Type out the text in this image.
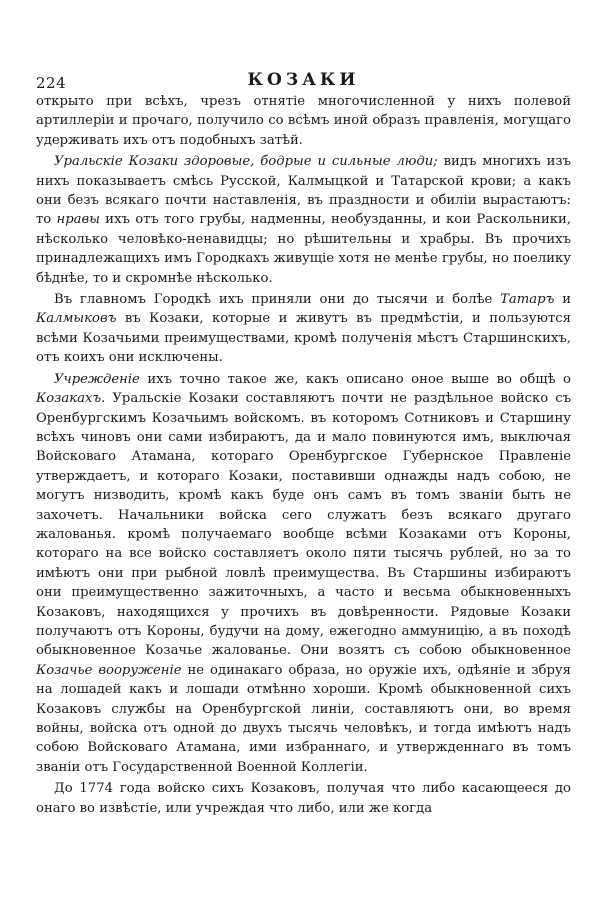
224	КОЗАКИ

открыто при всѣхъ, чрезъ отнятіе многочисленной у нихъ полевой артиллеріи и прочаго, получило со всѣмъ иной образъ правленія, могущаго удерживать ихъ отъ подобныхъ затѣй.

Уральскіе Козаки здоровые, бодрые и сильные люди; видъ многихъ изъ нихъ показываетъ смѣсь Русской, Калмыцкой и Татарской крови; а какъ они безъ всякаго почти наставленія, въ праздности и обиліи вырастаютъ: то нравы ихъ отъ того грубы, надменны, необузданны, и кои Раскольники, нѣсколько человѣко-ненавидцы; но рѣшительны и храбры. Въ прочихъ принадлежащихъ имъ Городкахъ живущіе хотя не менѣе грубы, но поелику бѣднѣе, то и скромнѣе нѣсколько.

Въ главномъ Городкѣ ихъ приняли они до тысячи и болѣе Татаръ и Калмыковъ въ Козаки, которые и живутъ въ предмѣстіи, и пользуются всѣми Козачьими преимуществами, кромѣ полученія мѣстъ Старшинскихъ, отъ коихъ они исключены.

Учрежденіе ихъ точно такое же, какъ описано оное выше во общѣ о Козакахъ. Уральскіе Козаки составляютъ почти не раздѣльное войско съ Оренбургскимъ Козачьимъ войскомъ. въ которомъ Сотниковъ и Старшину всѣхъ чиновъ они сами избираютъ, да и мало повинуются имъ, выключая Войсковаго Атамана, котораго Оренбургское Губернское Правленіе утверждаетъ, и котораго Козаки, поставивши однажды надъ собою, не могутъ низводить, кромѣ какъ буде онъ самъ въ томъ званіи быть не захочетъ. Начальники войска сего служатъ безъ всякаго другаго жалованья. кромѣ получаемаго вообще всѣми Козаками отъ Короны, котораго на все войско составляетъ около пяти тысячь рублей, но за то имѣютъ они при рыбной ловлѣ преимущества. Въ Старшины избираютъ они преимущественно зажиточныхъ, а часто и весьма обыкновенныхъ Козаковъ, находящихся у прочихъ въ довѣренности. Рядовые Козаки получаютъ отъ Короны, будучи на дому, ежегодно аммуницію, а въ походѣ обыкновенное Козачье жалованье. Они возятъ съ собою обыкновенное Козачье вооруженіе не одинакаго образа, но оружіе ихъ, одѣяніе и збруя на лошадей какъ и лошади отмѣнно хороши. Кромѣ обыкновенной сихъ Козаковъ службы на Оренбургской линіи, составляютъ они, во время войны, войска отъ одной до двухъ тысячь человѣкъ, и тогда имѣютъ надъ собою Войсковаго Атамана, ими избраннаго, и утвержденнаго въ томъ званіи отъ Государственной Военной Коллегіи.

До 1774 года войско сихъ Козаковъ, получая что либо касающееся до онаго во извѣстіе, или учреждая что либо, или же когда
